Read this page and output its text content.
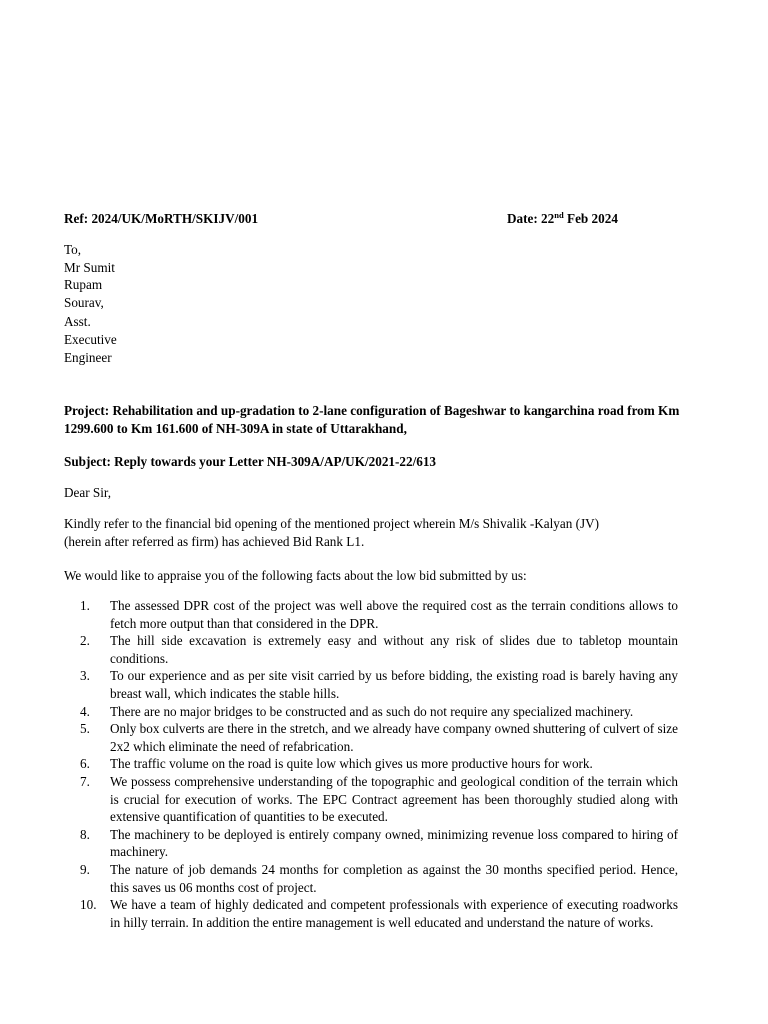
Ref: 2024/UK/MoRTH/SKIJV/001	Date: 22nd Feb 2024
To,
Mr Sumit
Rupam
Sourav,
Asst.
Executive
Engineer
Project: Rehabilitation and up-gradation to 2-lane configuration of Bageshwar to kangarchina road from Km 1299.600 to Km 161.600 of NH-309A in state of Uttarakhand,
Subject: Reply towards your Letter NH-309A/AP/UK/2021-22/613
Dear Sir,
Kindly refer to the financial bid opening of the mentioned project wherein M/s Shivalik -Kalyan (JV)
(herein after referred as firm) has achieved Bid Rank L1.
We would like to appraise you of the following facts about the low bid submitted by us:
1.	The assessed DPR cost of the project was well above the required cost as the terrain conditions allows to fetch more output than that considered in the DPR.
2.	The hill side excavation is extremely easy and without any risk of slides due to tabletop mountain conditions.
3.	To our experience and as per site visit carried by us before bidding, the existing road is barely having any breast wall, which indicates the stable hills.
4.	There are no major bridges to be constructed and as such do not require any specialized machinery.
5.	Only box culverts are there in the stretch, and we already have company owned shuttering of culvert of size 2x2 which eliminate the need of refabrication.
6.	The traffic volume on the road is quite low which gives us more productive hours for work.
7.	We possess comprehensive understanding of the topographic and geological condition of the terrain which is crucial for execution of works. The EPC Contract agreement has been thoroughly studied along with extensive quantification of quantities to be executed.
8.	The machinery to be deployed is entirely company owned, minimizing revenue loss compared to hiring of machinery.
9.	The nature of job demands 24 months for completion as against the 30 months specified period. Hence, this saves us 06 months cost of project.
10.	We have a team of highly dedicated and competent professionals with experience of executing roadworks in hilly terrain. In addition the entire management is well educated and understand the nature of works.
